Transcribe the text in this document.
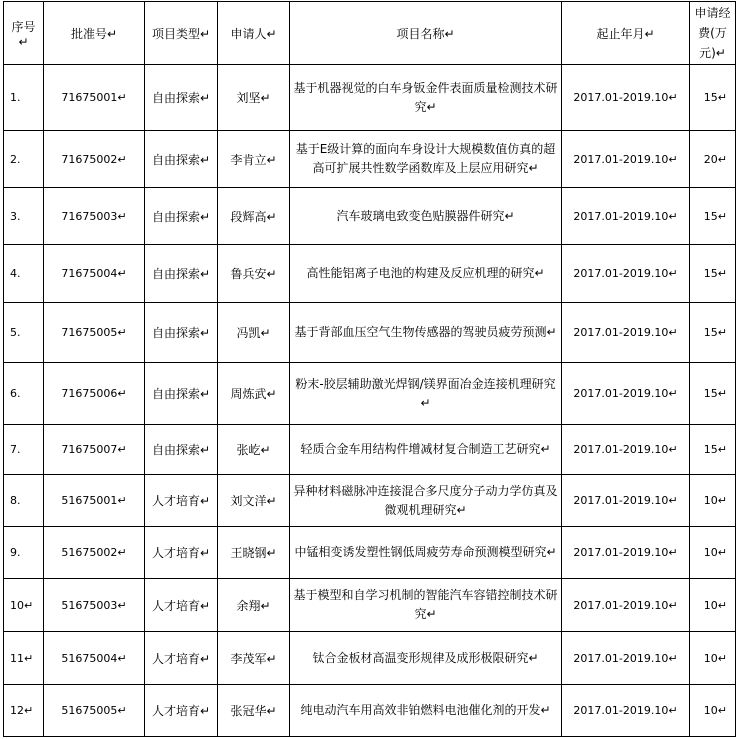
序号↵	批准号↵	项目类型↵	申请人↵	项目名称↵	起止年月↵	申请经费(万元)↵
1.	71675001↵	自由探索↵	刘坚↵	基于机器视觉的白车身钣金件表面质量检测技术研究↵	2017.01-2019.10↵	15↵
2.	71675002↵	自由探索↵	李肯立↵	基于E级计算的面向车身设计大规模数值仿真的超高可扩展共性数学函数库及上层应用研究↵	2017.01-2019.10↵	20↵
3.	71675003↵	自由探索↵	段辉高↵	汽车玻璃电致变色贴膜器件研究↵	2017.01-2019.10↵	15↵
4.	71675004↵	自由探索↵	鲁兵安↵	高性能铝离子电池的构建及反应机理的研究↵	2017.01-2019.10↵	15↵
5.	71675005↵	自由探索↵	冯凯↵	基于背部血压空气生物传感器的驾驶员疲劳预测↵	2017.01-2019.10↵	15↵
6.	71675006↵	自由探索↵	周炼武↵	粉末-胶层辅助激光焊钢/镁界面冶金连接机理研究↵	2017.01-2019.10↵	15↵
7.	71675007↵	自由探索↵	张屹↵	轻质合金车用结构件增减材复合制造工艺研究↵	2017.01-2019.10↵	15↵
8.	51675001↵	人才培育↵	刘文洋↵	异种材料磁脉冲连接混合多尺度分子动力学仿真及微观机理研究↵	2017.01-2019.10↵	10↵
9.	51675002↵	人才培育↵	王晓钢↵	中锰相变诱发塑性钢低周疲劳寿命预测模型研究↵	2017.01-2019.10↵	10↵
10↵	51675003↵	人才培育↵	余翔↵	基于模型和自学习机制的智能汽车容错控制技术研究↵	2017.01-2019.10↵	10↵
11↵	51675004↵	人才培育↵	李茂军↵	钛合金板材高温变形规律及成形极限研究↵	2017.01-2019.10↵	10↵
12↵	51675005↵	人才培育↵	张冠华↵	纯电动汽车用高效非铂燃料电池催化剂的开发↵	2017.01-2019.10↵	10↵
